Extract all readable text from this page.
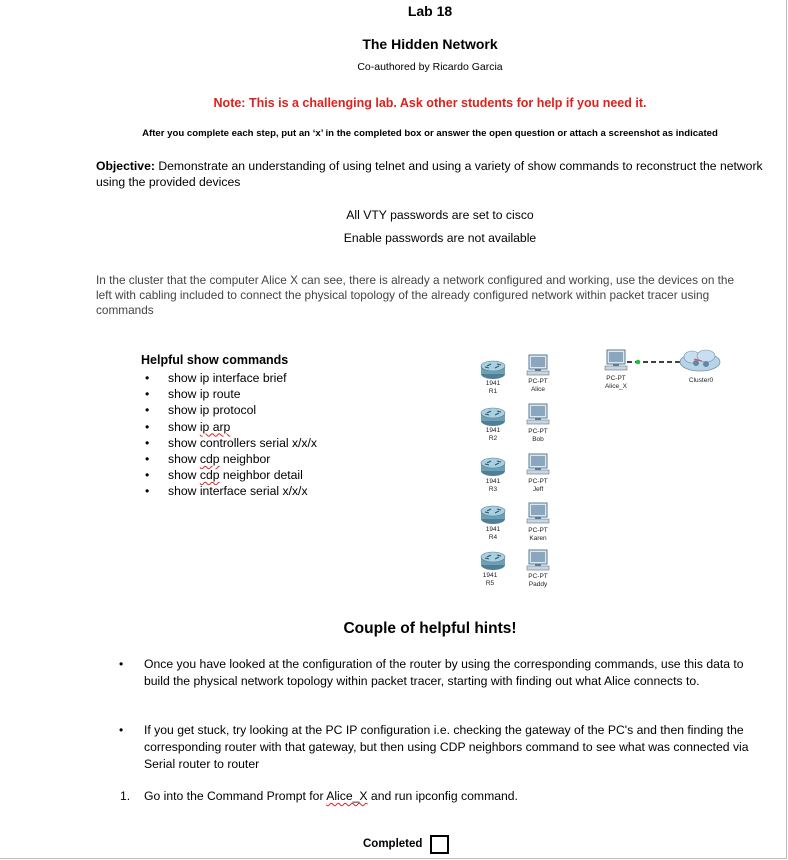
Lab 18
The Hidden Network
Co-authored by Ricardo Garcia
Note: This is a challenging lab. Ask other students for help if you need it.
After you complete each step, put an ‘x’ in the completed box or answer the open question or attach a screenshot as indicated
Objective: Demonstrate an understanding of using telnet and using a variety of show commands to reconstruct the network using the provided devices
All VTY passwords are set to cisco
Enable passwords are not available
In the cluster that the computer Alice X can see, there is already a network configured and working, use the devices on the left with cabling included to connect the physical topology of the already configured network within packet tracer using commands
Helpful show commands
• show ip interface brief
• show ip route
• show ip protocol
• show ip arp
• show controllers serial x/x/x
• show cdp neighbor
• show cdp neighbor detail
• show interface serial x/x/x
1941
R1
1941
R2
1941
R3
1941
R4
1941
R5
PC-PT
Alice
PC-PT
Bob
PC-PT
Jeff
PC-PT
Karen
PC-PT
Paddy
PC-PT
Alice_X
Cluster0
Couple of helpful hints!
• Once you have looked at the configuration of the router by using the corresponding commands, use this data to build the physical network topology within packet tracer, starting with finding out what Alice connects to.
• If you get stuck, try looking at the PC IP configuration i.e. checking the gateway of the PC's and then finding the corresponding router with that gateway, but then using CDP neighbors command to see what was connected via Serial router to router
1. Go into the Command Prompt for Alice_X and run ipconfig command.
Completed
